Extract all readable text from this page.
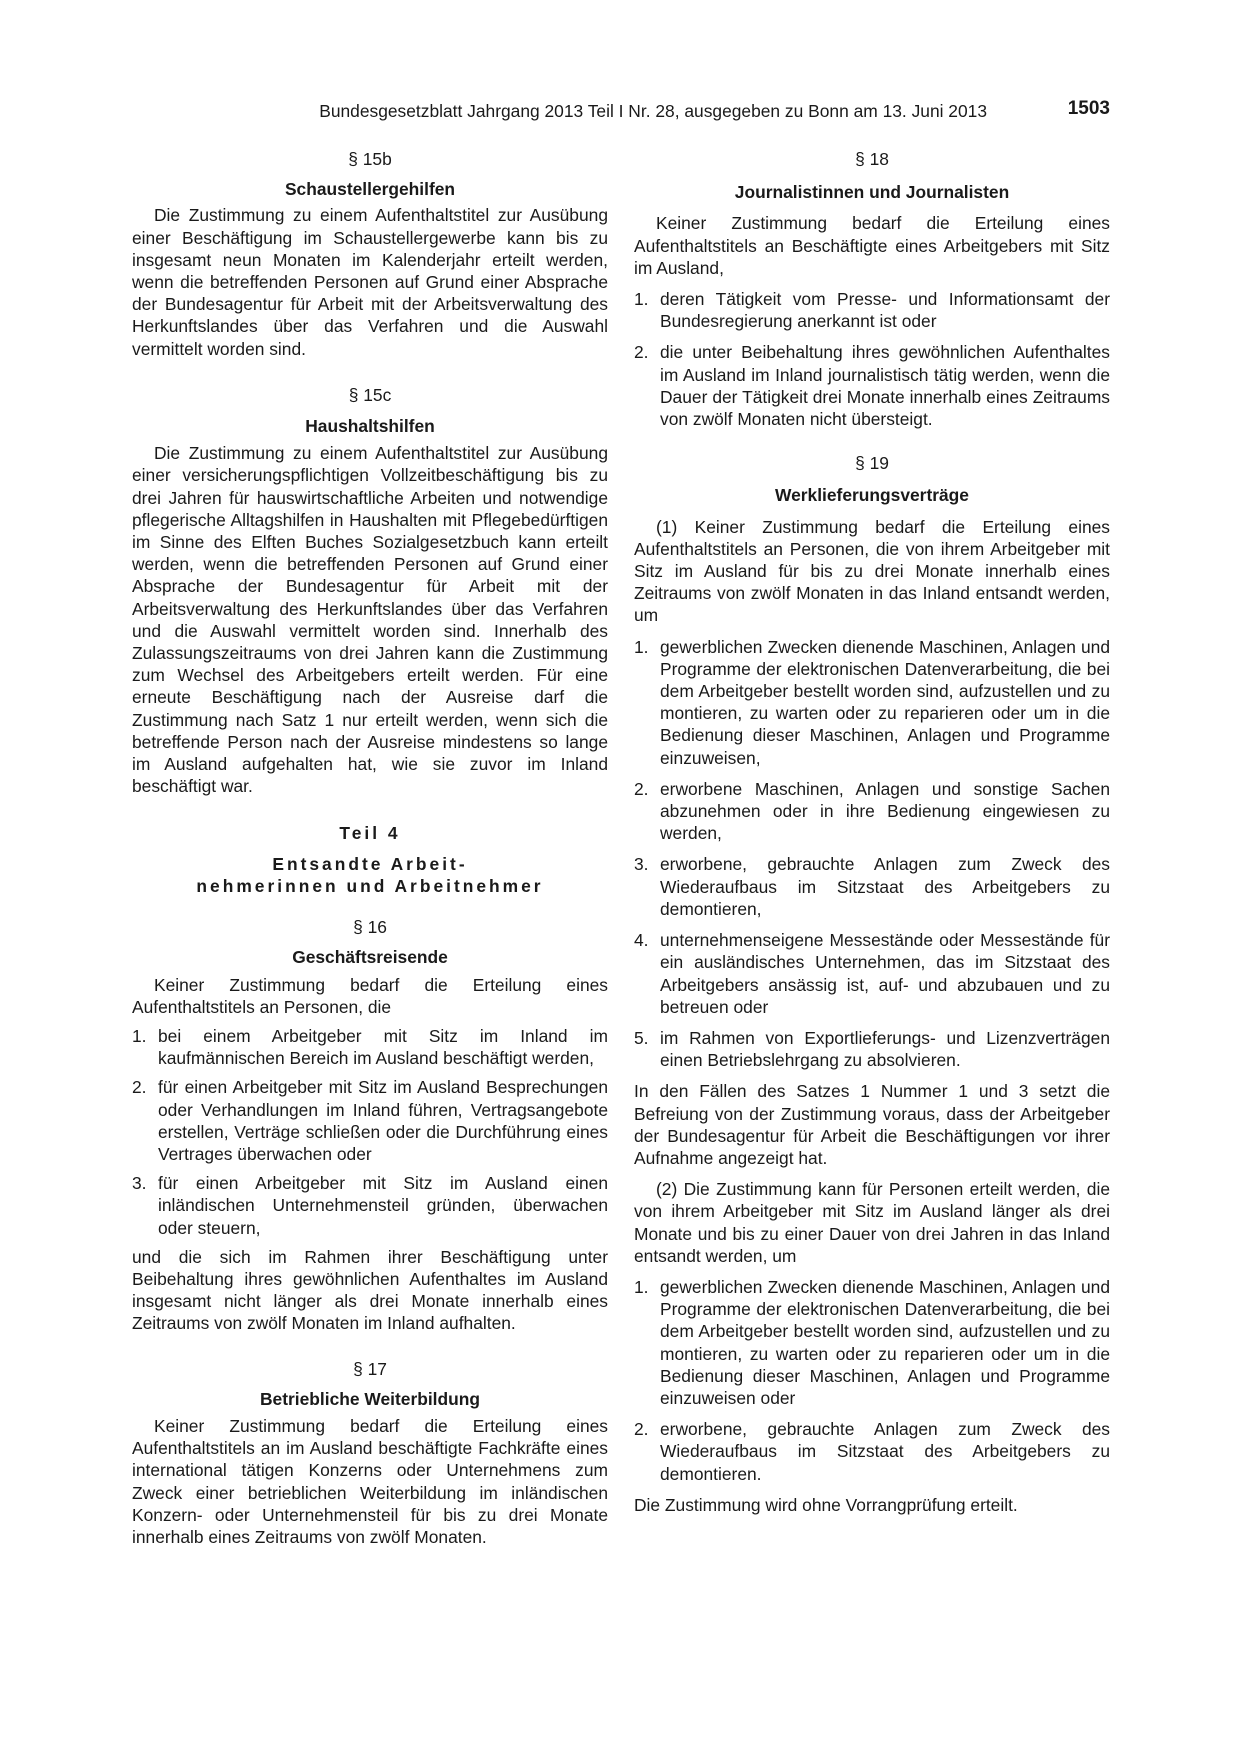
Bundesgesetzblatt Jahrgang 2013 Teil I Nr. 28, ausgegeben zu Bonn am 13. Juni 2013	1503

§ 15b

Schaustellergehilfen

Die Zustimmung zu einem Aufenthaltstitel zur Ausübung einer Beschäftigung im Schaustellergewerbe kann bis zu insgesamt neun Monaten im Kalenderjahr erteilt werden, wenn die betreffenden Personen auf Grund einer Absprache der Bundesagentur für Arbeit mit der Arbeitsverwaltung des Herkunftslandes über das Verfahren und die Auswahl vermittelt worden sind.

§ 15c

Haushaltshilfen

Die Zustimmung zu einem Aufenthaltstitel zur Ausübung einer versicherungspflichtigen Vollzeitbeschäftigung bis zu drei Jahren für hauswirtschaftliche Arbeiten und notwendige pflegerische Alltagshilfen in Haushalten mit Pflegebedürftigen im Sinne des Elften Buches Sozialgesetzbuch kann erteilt werden, wenn die betreffenden Personen auf Grund einer Absprache der Bundesagentur für Arbeit mit der Arbeitsverwaltung des Herkunftslandes über das Verfahren und die Auswahl vermittelt worden sind. Innerhalb des Zulassungszeitraums von drei Jahren kann die Zustimmung zum Wechsel des Arbeitgebers erteilt werden. Für eine erneute Beschäftigung nach der Ausreise darf die Zustimmung nach Satz 1 nur erteilt werden, wenn sich die betreffende Person nach der Ausreise mindestens so lange im Ausland aufgehalten hat, wie sie zuvor im Inland beschäftigt war.

Teil 4

Entsandte Arbeit-

nehmerinnen und Arbeitnehmer

§ 16

Geschäftsreisende

Keiner Zustimmung bedarf die Erteilung eines Aufenthaltstitels an Personen, die

1. bei einem Arbeitgeber mit Sitz im Inland im kaufmännischen Bereich im Ausland beschäftigt werden,
2. für einen Arbeitgeber mit Sitz im Ausland Besprechungen oder Verhandlungen im Inland führen, Vertragsangebote erstellen, Verträge schließen oder die Durchführung eines Vertrages überwachen oder
3. für einen Arbeitgeber mit Sitz im Ausland einen inländischen Unternehmensteil gründen, überwachen oder steuern,

und die sich im Rahmen ihrer Beschäftigung unter Beibehaltung ihres gewöhnlichen Aufenthaltes im Ausland insgesamt nicht länger als drei Monate innerhalb eines Zeitraums von zwölf Monaten im Inland aufhalten.

§ 17

Betriebliche Weiterbildung

Keiner Zustimmung bedarf die Erteilung eines Aufenthaltstitels an im Ausland beschäftigte Fachkräfte eines international tätigen Konzerns oder Unternehmens zum Zweck einer betrieblichen Weiterbildung im inländischen Konzern- oder Unternehmensteil für bis zu drei Monate innerhalb eines Zeitraums von zwölf Monaten.

§ 18

Journalistinnen und Journalisten

Keiner Zustimmung bedarf die Erteilung eines Aufenthaltstitels an Beschäftigte eines Arbeitgebers mit Sitz im Ausland,

1. deren Tätigkeit vom Presse- und Informationsamt der Bundesregierung anerkannt ist oder
2. die unter Beibehaltung ihres gewöhnlichen Aufenthaltes im Ausland im Inland journalistisch tätig werden, wenn die Dauer der Tätigkeit drei Monate innerhalb eines Zeitraums von zwölf Monaten nicht übersteigt.

§ 19

Werklieferungsverträge

(1) Keiner Zustimmung bedarf die Erteilung eines Aufenthaltstitels an Personen, die von ihrem Arbeitgeber mit Sitz im Ausland für bis zu drei Monate innerhalb eines Zeitraums von zwölf Monaten in das Inland entsandt werden, um

1. gewerblichen Zwecken dienende Maschinen, Anlagen und Programme der elektronischen Datenverarbeitung, die bei dem Arbeitgeber bestellt worden sind, aufzustellen und zu montieren, zu warten oder zu reparieren oder um in die Bedienung dieser Maschinen, Anlagen und Programme einzuweisen,
2. erworbene Maschinen, Anlagen und sonstige Sachen abzunehmen oder in ihre Bedienung eingewiesen zu werden,
3. erworbene, gebrauchte Anlagen zum Zweck des Wiederaufbaus im Sitzstaat des Arbeitgebers zu demontieren,
4. unternehmenseigene Messestände oder Messestände für ein ausländisches Unternehmen, das im Sitzstaat des Arbeitgebers ansässig ist, auf- und abzubauen und zu betreuen oder
5. im Rahmen von Exportlieferungs- und Lizenzverträgen einen Betriebslehrgang zu absolvieren.

In den Fällen des Satzes 1 Nummer 1 und 3 setzt die Befreiung von der Zustimmung voraus, dass der Arbeitgeber der Bundesagentur für Arbeit die Beschäftigungen vor ihrer Aufnahme angezeigt hat.

(2) Die Zustimmung kann für Personen erteilt werden, die von ihrem Arbeitgeber mit Sitz im Ausland länger als drei Monate und bis zu einer Dauer von drei Jahren in das Inland entsandt werden, um

1. gewerblichen Zwecken dienende Maschinen, Anlagen und Programme der elektronischen Datenverarbeitung, die bei dem Arbeitgeber bestellt worden sind, aufzustellen und zu montieren, zu warten oder zu reparieren oder um in die Bedienung dieser Maschinen, Anlagen und Programme einzuweisen oder
2. erworbene, gebrauchte Anlagen zum Zweck des Wiederaufbaus im Sitzstaat des Arbeitgebers zu demontieren.

Die Zustimmung wird ohne Vorrangprüfung erteilt.
